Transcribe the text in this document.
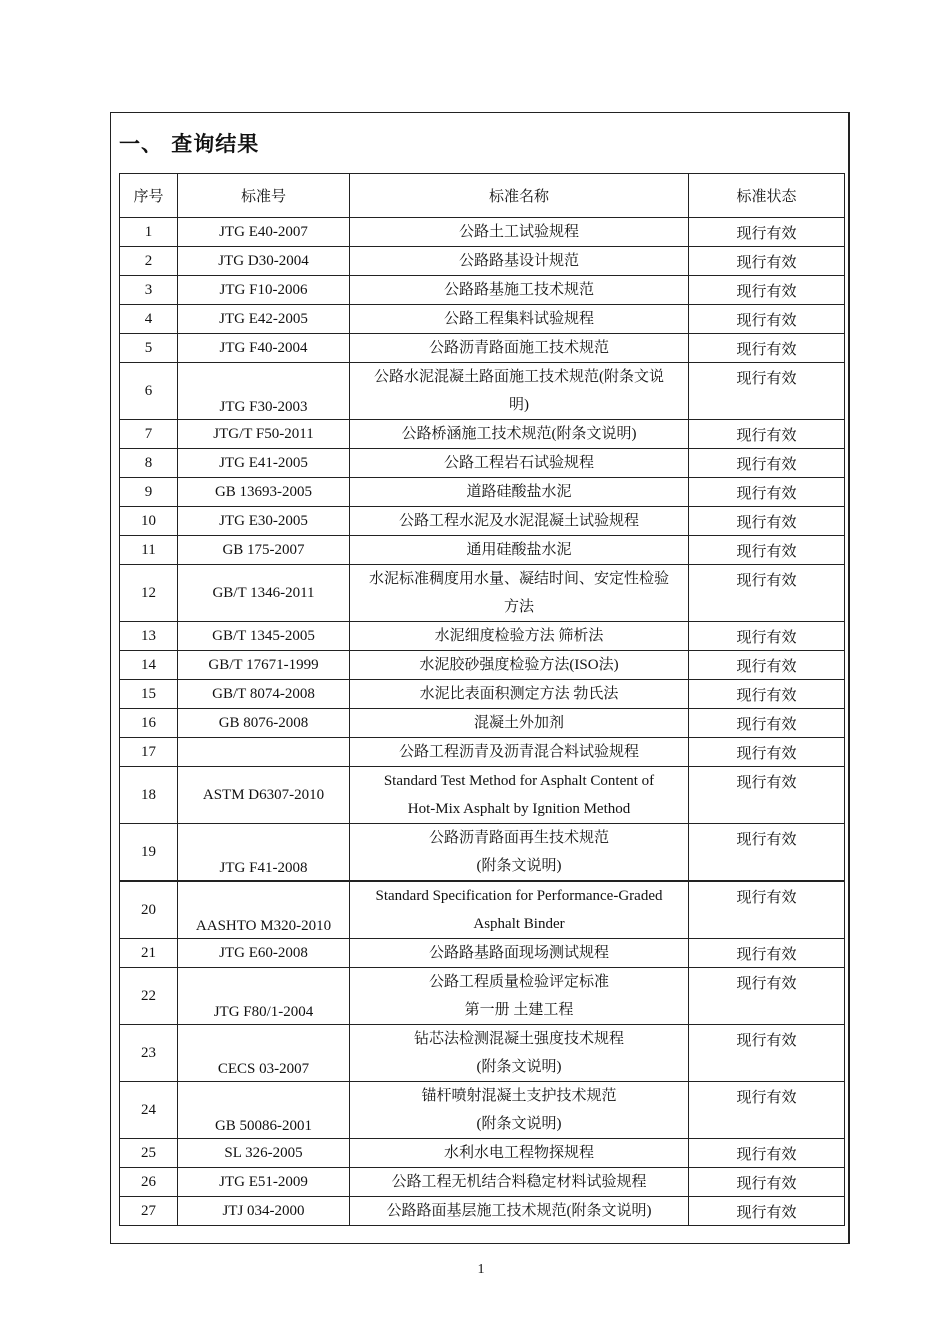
一、 查询结果
序号	标准号	标准名称	标准状态
1	JTG E40-2007	公路土工试验规程	现行有效
2	JTG D30-2004	公路路基设计规范	现行有效
3	JTG F10-2006	公路路基施工技术规范	现行有效
4	JTG E42-2005	公路工程集料试验规程	现行有效
5	JTG F40-2004	公路沥青路面施工技术规范	现行有效
6	JTG F30-2003	公路水泥混凝土路面施工技术规范(附条文说
明)	现行有效
7	JTG/T F50-2011	公路桥涵施工技术规范(附条文说明)	现行有效
8	JTG E41-2005	公路工程岩石试验规程	现行有效
9	GB 13693-2005	道路硅酸盐水泥	现行有效
10	JTG E30-2005	公路工程水泥及水泥混凝土试验规程	现行有效
11	GB 175-2007	通用硅酸盐水泥	现行有效
12	GB/T 1346-2011	水泥标准稠度用水量、凝结时间、安定性检验
方法	现行有效
13	GB/T 1345-2005	水泥细度检验方法 筛析法	现行有效
14	GB/T 17671-1999	水泥胶砂强度检验方法(ISO法)	现行有效
15	GB/T 8074-2008	水泥比表面积测定方法 勃氏法	现行有效
16	GB 8076-2008	混凝土外加剂	现行有效
17		公路工程沥青及沥青混合料试验规程	现行有效
18	ASTM D6307-2010	Standard Test Method for Asphalt Content of
Hot-Mix Asphalt by Ignition Method	现行有效
19	JTG F41-2008	公路沥青路面再生技术规范
(附条文说明)	现行有效
20	AASHTO M320-2010	Standard Specification for Performance-Graded
Asphalt Binder	现行有效
21	JTG E60-2008	公路路基路面现场测试规程	现行有效
22	JTG F80/1-2004	公路工程质量检验评定标准
第一册 土建工程	现行有效
23	CECS 03-2007	钻芯法检测混凝土强度技术规程
(附条文说明)	现行有效
24	GB 50086-2001	锚杆喷射混凝土支护技术规范
(附条文说明)	现行有效
25	SL 326-2005	水利水电工程物探规程	现行有效
26	JTG E51-2009	公路工程无机结合料稳定材料试验规程	现行有效
27	JTJ 034-2000	公路路面基层施工技术规范(附条文说明)	现行有效
1
